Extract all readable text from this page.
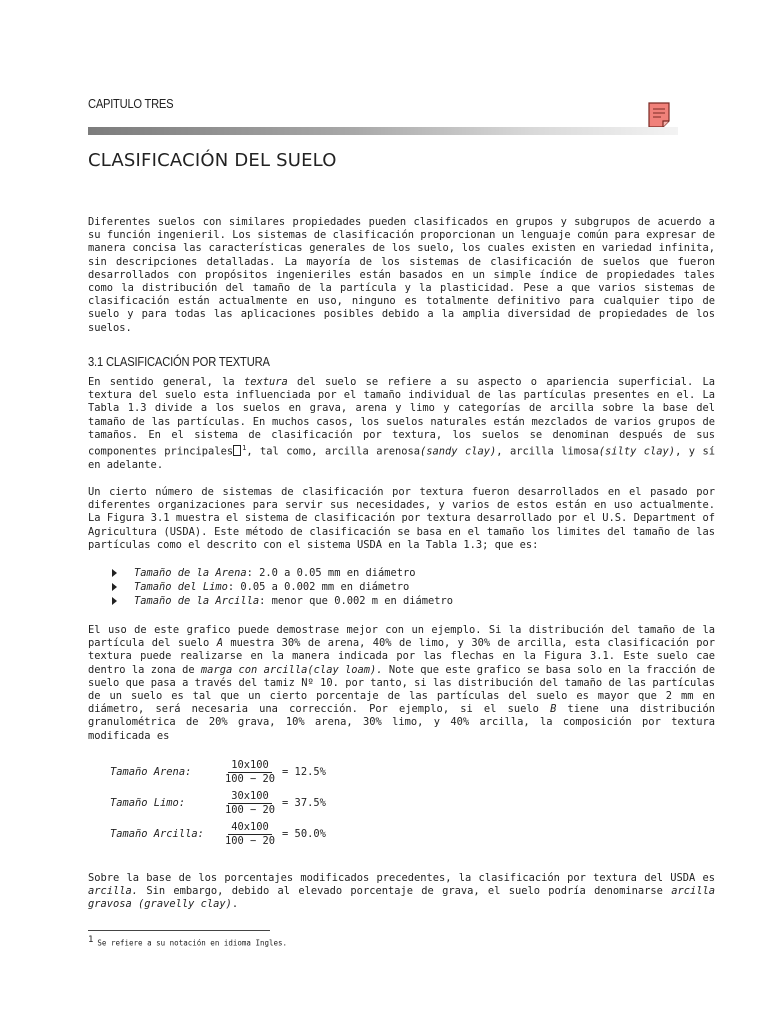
CAPITULO TRES
CLASIFICACIÓN DEL SUELO

Diferentes suelos con similares propiedades pueden clasificados en grupos y subgrupos de acuerdo a su función ingenieril. Los sistemas de clasificación proporcionan un lenguaje común para expresar de manera concisa las características generales de los suelo, los cuales existen en variedad infinita, sin descripciones detalladas. La mayoría de los sistemas de clasificación de suelos que fueron desarrollados con propósitos ingenieriles están basados en un simple índice de propiedades tales como la distribución del tamaño de la partícula y la plasticidad. Pese a que varios sistemas de clasificación están actualmente en uso, ninguno es totalmente definitivo para cualquier tipo de suelo y para todas las aplicaciones posibles debido a la amplia diversidad de propiedades de los suelos.

3.1 CLASIFICACIÓN POR TEXTURA

En sentido general, la textura del suelo se refiere a su aspecto o apariencia superficial. La textura del suelo esta influenciada por el tamaño individual de las partículas presentes en el. La Tabla 1.3 divide a los suelos en grava, arena y limo y categorías de arcilla sobre la base del tamaño de las partículas. En muchos casos, los suelos naturales están mezclados de varios grupos de tamaños. En el sistema de clasificación por textura, los suelos se denominan después de sus componentes principales $^1$, tal como, arcilla arenosa(sandy clay), arcilla limosa(silty clay), y sí en adelante.

Un cierto número de sistemas de clasificación por textura fueron desarrollados en el pasado por diferentes organizaciones para servir sus necesidades, y varios de estos están en uso actualmente. La Figura 3.1 muestra el sistema de clasificación por textura desarrollado por el U.S. Department of Agricultura (USDA). Este método de clasificación se basa en el tamaño los limites del tamaño de las partículas como el descrito con el sistema USDA en la Tabla 1.3; que es:

Tamaño de la Arena: 2.0 a 0.05 mm en diámetro
Tamaño del Limo: 0.05 a 0.002 mm en diámetro
Tamaño de la Arcilla: menor que 0.002 m en diámetro

El uso de este grafico puede demostrase mejor con un ejemplo. Si la distribución del tamaño de la partícula del suelo A muestra 30% de arena, 40% de limo, y 30% de arcilla, esta clasificación por textura puede realizarse en la manera indicada por las flechas en la Figura 3.1. Este suelo cae dentro la zona de marga con arcilla(clay loam). Note que este grafico se basa solo en la fracción de suelo que pasa a través del tamiz Nº 10. por tanto, si las distribución del tamaño de las partículas de un suelo es tal que un cierto porcentaje de las partículas del suelo es mayor que 2 mm en diámetro, será necesaria una corrección. Por ejemplo, si el suelo B tiene una distribución granulométrica de 20% grava, 10% arena, 30% limo, y 40% arcilla, la composición por textura modificada es

Tamaño Arena:	$\frac{10x100}{100 - 20} = 12.5\%$
Tamaño Limo:	$\frac{30x100}{100 - 20} = 37.5\%$
Tamaño Arcilla:	$\frac{40x100}{100 - 20} = 50.0\%$

Sobre la base de los porcentajes modificados precedentes, la clasificación por textura del USDA es arcilla. Sin embargo, debido al elevado porcentaje de grava, el suelo podría denominarse arcilla gravosa (gravelly clay).

1 Se refiere a su notación en idioma Ingles.
